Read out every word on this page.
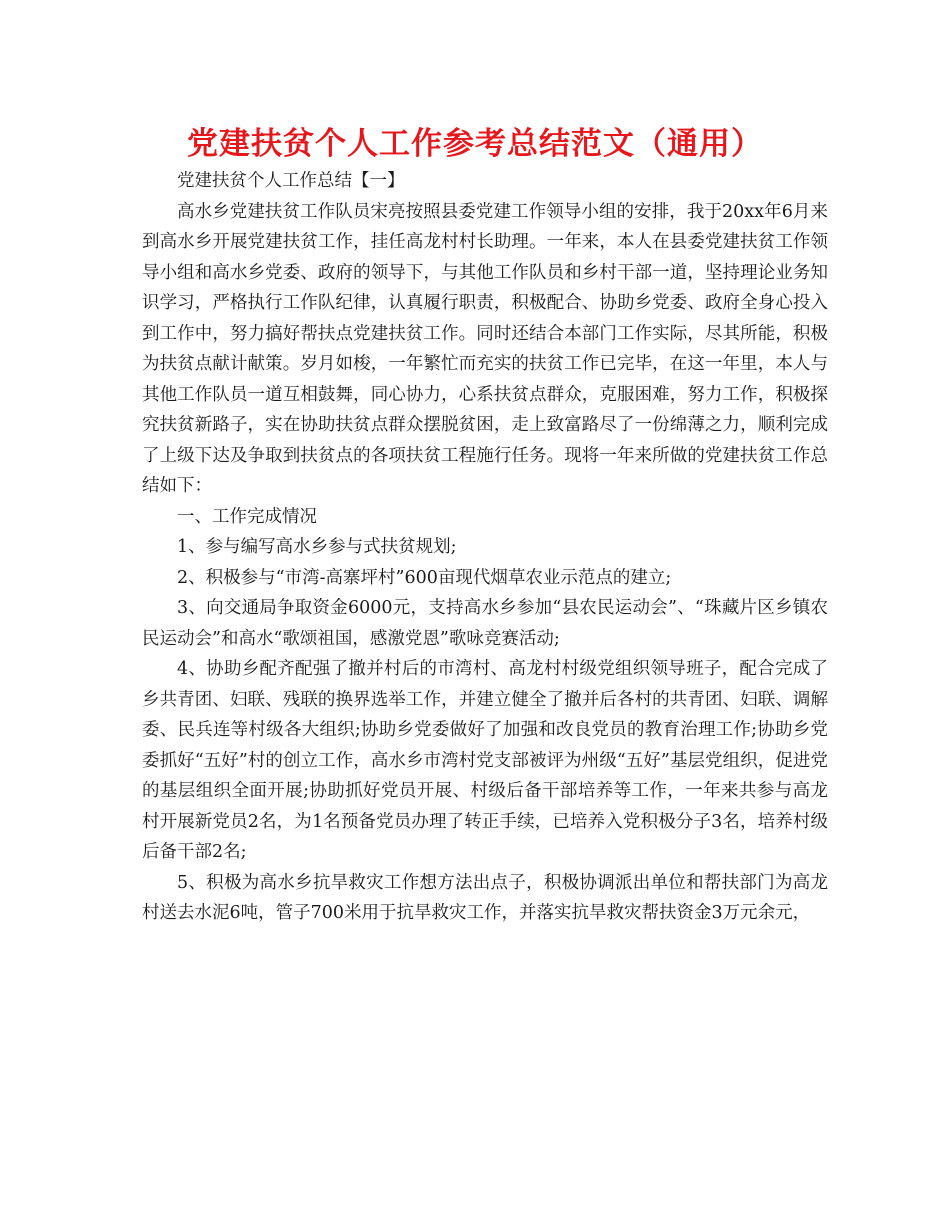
党建扶贫个人工作参考总结范文（通用）

党建扶贫个人工作总结【一】

高水乡党建扶贫工作队员宋亮按照县委党建工作领导小组的安排，我于20xx年6月来到高水乡开展党建扶贫工作，挂任高龙村村长助理。一年来，本人在县委党建扶贫工作领导小组和高水乡党委、政府的领导下，与其他工作队员和乡村干部一道，坚持理论业务知识学习，严格执行工作队纪律，认真履行职责，积极配合、协助乡党委、政府全身心投入到工作中，努力搞好帮扶点党建扶贫工作。同时还结合本部门工作实际，尽其所能，积极为扶贫点献计献策。岁月如梭，一年繁忙而充实的扶贫工作已完毕，在这一年里，本人与其他工作队员一道互相鼓舞，同心协力，心系扶贫点群众，克服困难，努力工作，积极探究扶贫新路子，实在协助扶贫点群众摆脱贫困，走上致富路尽了一份绵薄之力，顺利完成了上级下达及争取到扶贫点的各项扶贫工程施行任务。现将一年来所做的党建扶贫工作总结如下：

一、工作完成情况

1、参与编写高水乡参与式扶贫规划;

2、积极参与“市湾-高寨坪村”600亩现代烟草农业示范点的建立;

3、向交通局争取资金6000元，支持高水乡参加“县农民运动会”、“珠藏片区乡镇农民运动会”和高水“歌颂祖国，感激党恩”歌咏竞赛活动;

4、协助乡配齐配强了撤并村后的市湾村、高龙村村级党组织领导班子，配合完成了乡共青团、妇联、残联的换界选举工作，并建立健全了撤并后各村的共青团、妇联、调解委、民兵连等村级各大组织;协助乡党委做好了加强和改良党员的教育治理工作;协助乡党委抓好“五好”村的创立工作，高水乡市湾村党支部被评为州级“五好”基层党组织，促进党的基层组织全面开展;协助抓好党员开展、村级后备干部培养等工作，一年来共参与高龙村开展新党员2名，为1名预备党员办理了转正手续，已培养入党积极分子3名，培养村级后备干部2名;

5、积极为高水乡抗旱救灾工作想方法出点子，积极协调派出单位和帮扶部门为高龙村送去水泥6吨，管子700米用于抗旱救灾工作，并落实抗旱救灾帮扶资金3万元余元，
